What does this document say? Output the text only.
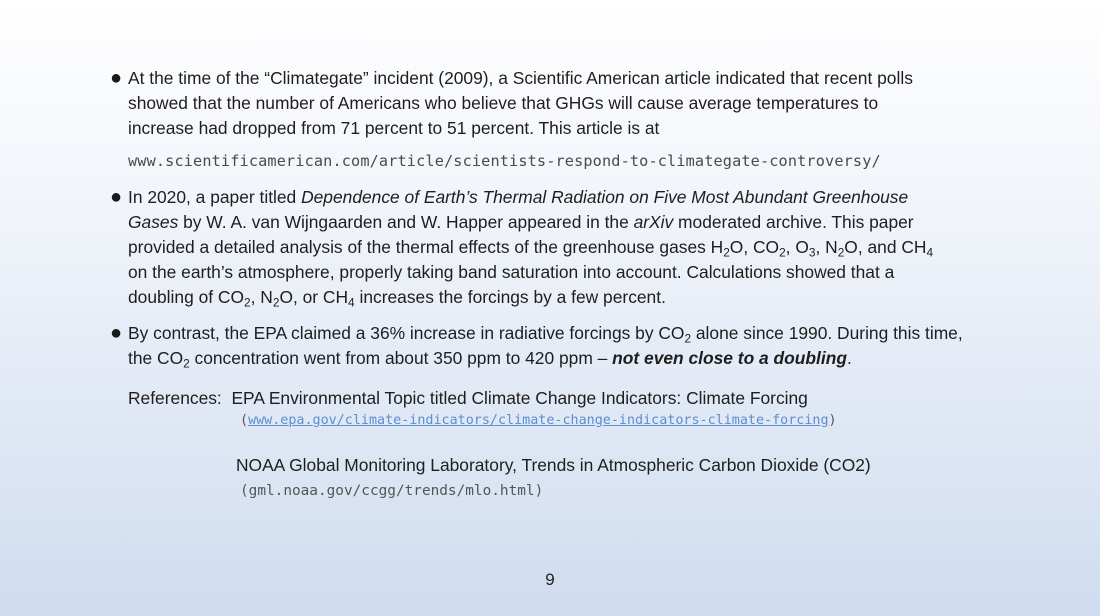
● At the time of the “Climategate” incident (2009), a Scientific American article indicated that recent polls
showed that the number of Americans who believe that GHGs will cause average temperatures to
increase had dropped from 71 percent to 51 percent. This article is at
www.scientificamerican.com/article/scientists-respond-to-climategate-controversy/
● In 2020, a paper titled Dependence of Earth’s Thermal Radiation on Five Most Abundant Greenhouse
Gases by W. A. van Wijngaarden and W. Happer appeared in the arXiv moderated archive. This paper
provided a detailed analysis of the thermal effects of the greenhouse gases $H_2O$, $CO_2$, $O_3$, $N_2O$, and $CH_4$
on the earth’s atmosphere, properly taking band saturation into account. Calculations showed that a
doubling of $CO_2$, $N_2O$, or $CH_4$ increases the forcings by a few percent.
● By contrast, the EPA claimed a 36% increase in radiative forcings by $CO_2$ alone since 1990. During this time,
the $CO_2$ concentration went from about 350 ppm to 420 ppm – not even close to a doubling.
References: EPA Environmental Topic titled Climate Change Indicators: Climate Forcing
(www.epa.gov/climate-indicators/climate-change-indicators-climate-forcing)
NOAA Global Monitoring Laboratory, Trends in Atmospheric Carbon Dioxide (CO2)
(gml.noaa.gov/ccgg/trends/mlo.html)
9
